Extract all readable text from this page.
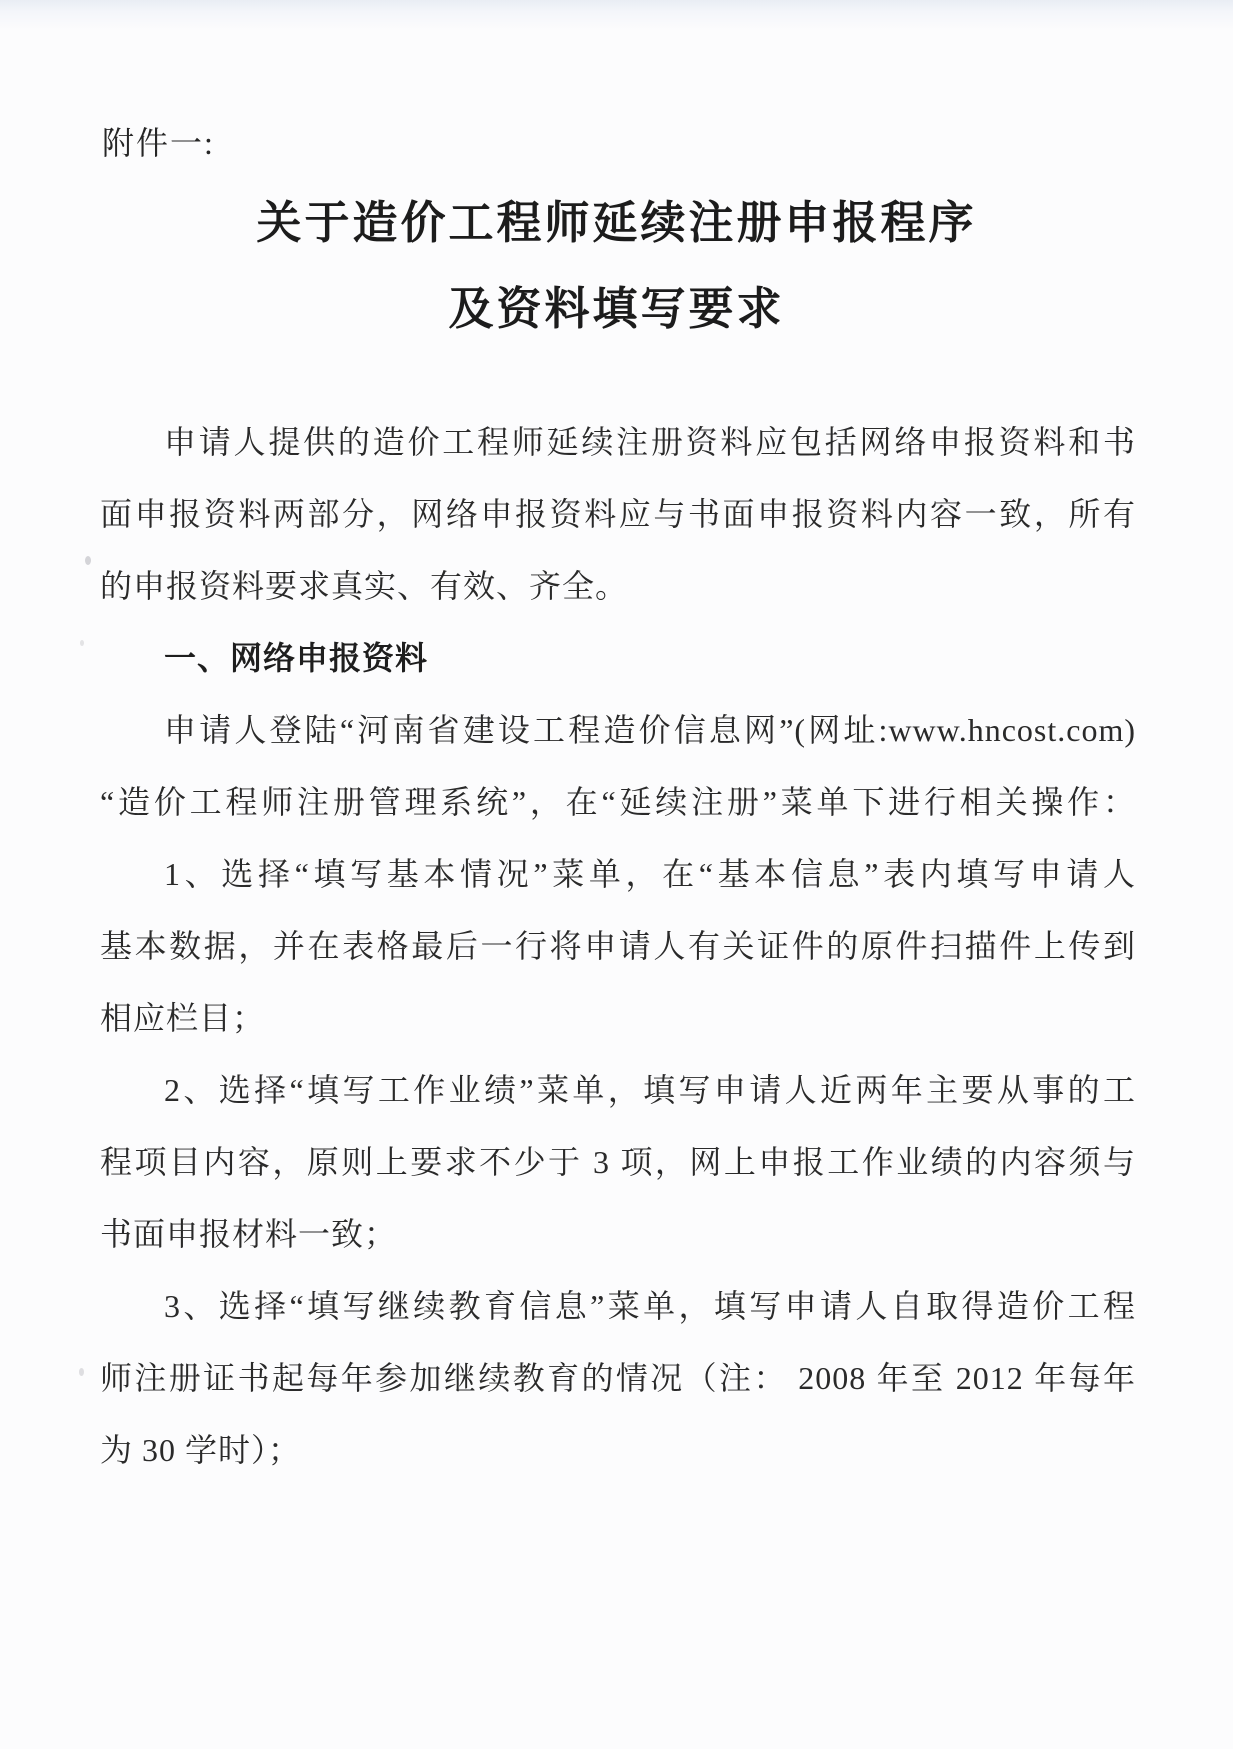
附件一:
关于造价工程师延续注册申报程序
及资料填写要求
申请人提供的造价工程师延续注册资料应包括网络申报资料和书
面申报资料两部分，网络申报资料应与书面申报资料内容一致，所有
的申报资料要求真实、有效、齐全。
一、网络申报资料
申请人登陆“河南省建设工程造价信息网”(网址:www.hncost.com)
“造价工程师注册管理系统”，在“延续注册”菜单下进行相关操作：
1、选择“填写基本情况”菜单，在“基本信息”表内填写申请人
基本数据，并在表格最后一行将申请人有关证件的原件扫描件上传到
相应栏目；
2、选择“填写工作业绩”菜单，填写申请人近两年主要从事的工
程项目内容，原则上要求不少于 3 项，网上申报工作业绩的内容须与
书面申报材料一致；
3、选择“填写继续教育信息”菜单，填写申请人自取得造价工程
师注册证书起每年参加继续教育的情况（注： 2008 年至 2012 年每年
为 30 学时）；
